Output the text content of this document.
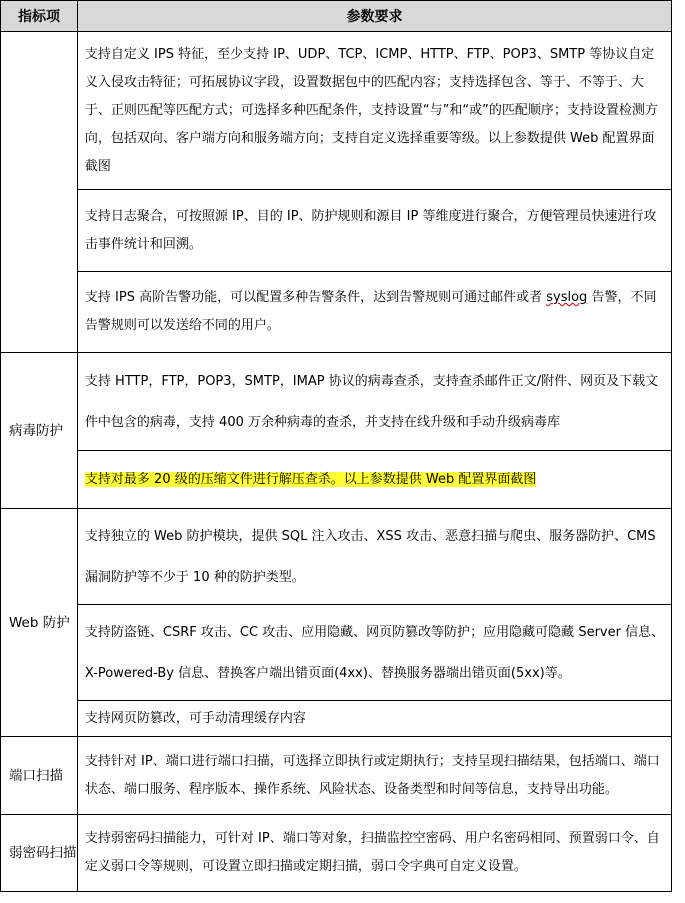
指标项	参数要求	
	支持自定义 IPS 特征，至少支持 IP、UDP、TCP、ICMP、HTTP、FTP、POP3、SMTP 等协议自定义入侵攻击特征；可拓展协议字段，设置数据包中的匹配内容；支持选择包含、等于、不等于、大于、正则匹配等匹配方式；可选择多种匹配条件，支持设置“与”和“或”的匹配顺序；支持设置检测方向，包括双向、客户端方向和服务端方向；支持自定义选择重要等级。以上参数提供 Web 配置界面截图	
	支持日志聚合，可按照源 IP、目的 IP、防护规则和源目 IP 等维度进行聚合，方便管理员快速进行攻击事件统计和回溯。	
	支持 IPS 高阶告警功能，可以配置多种告警条件，达到告警规则可通过邮件或者 syslog 告警，不同告警规则可以发送给不同的用户。	
病毒防护	支持 HTTP，FTP，POP3，SMTP，IMAP 协议的病毒查杀，支持查杀邮件正文/附件、网页及下载文件中包含的病毒，支持 400 万余种病毒的查杀，并支持在线升级和手动升级病毒库	
	支持对最多 20 级的压缩文件进行解压查杀。以上参数提供 Web 配置界面截图	
Web 防护	支持独立的 Web 防护模块，提供 SQL 注入攻击、XSS 攻击、恶意扫描与爬虫、服务器防护、CMS 漏洞防护等不少于 10 种的防护类型。	
	支持防盗链、CSRF 攻击、CC 攻击、应用隐藏、网页防篡改等防护；应用隐藏可隐藏 Server 信息、X-Powered-By 信息、替换客户端出错页面(4xx)、替换服务器端出错页面(5xx)等。	
	支持网页防篡改，可手动清理缓存内容	
端口扫描	支持针对 IP、端口进行端口扫描，可选择立即执行或定期执行；支持呈现扫描结果，包括端口、端口状态、端口服务、程序版本、操作系统、风险状态、设备类型和时间等信息，支持导出功能。	
弱密码扫描	支持弱密码扫描能力，可针对 IP、端口等对象，扫描监控空密码、用户名密码相同、预置弱口令、自定义弱口令等规则，可设置立即扫描或定期扫描，弱口令字典可自定义设置。	
